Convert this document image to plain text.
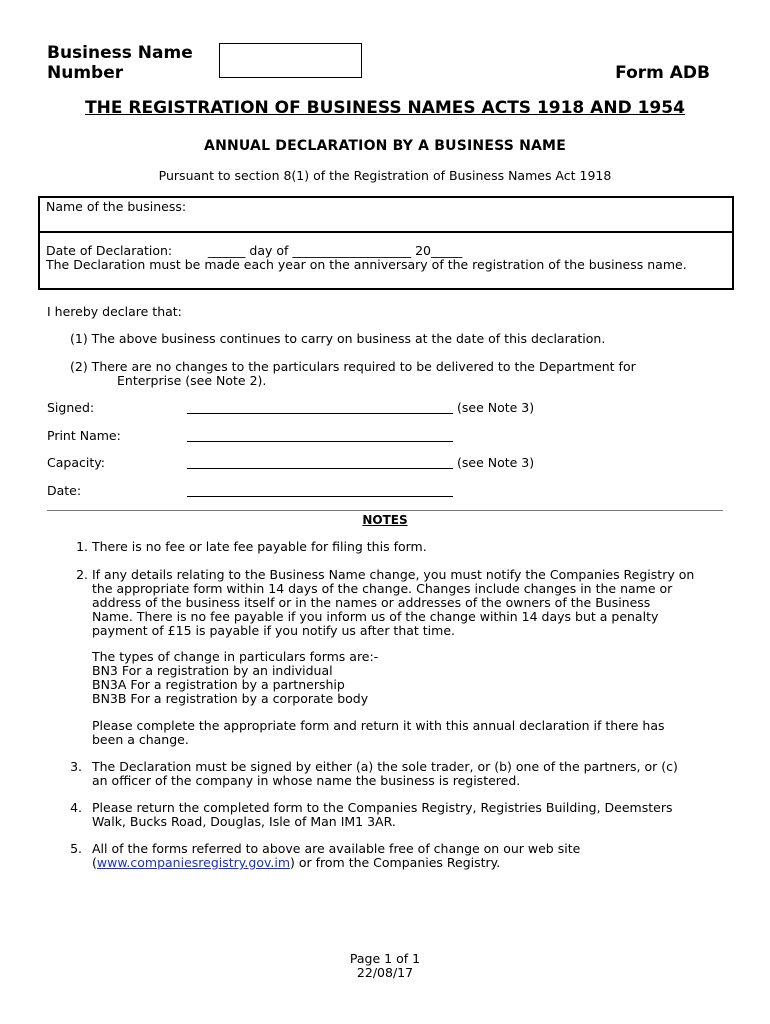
Business Name Number	Form ADB
THE REGISTRATION OF BUSINESS NAMES ACTS 1918 AND 1954
ANNUAL DECLARATION BY A BUSINESS NAME
Pursuant to section 8(1) of the Registration of Business Names Act 1918
Name of the business:
Date of Declaration:         ______ day of ___________________ 20_____
The Declaration must be made each year on the anniversary of the registration of the business name.
I hereby declare that:
(1) The above business continues to carry on business at the date of this declaration.
(2) There are no changes to the particulars required to be delivered to the Department for
Enterprise (see Note 2).
Signed:	(see Note 3)
Print Name:
Capacity:	(see Note 3)
Date:
NOTES
1. There is no fee or late fee payable for filing this form.
2. If any details relating to the Business Name change, you must notify the Companies Registry on
the appropriate form within 14 days of the change. Changes include changes in the name or
address of the business itself or in the names or addresses of the owners of the Business
Name. There is no fee payable if you inform us of the change within 14 days but a penalty
payment of £15 is payable if you notify us after that time.
The types of change in particulars forms are:-
BN3 For a registration by an individual
BN3A For a registration by a partnership
BN3B For a registration by a corporate body
Please complete the appropriate form and return it with this annual declaration if there has
been a change.
3. The Declaration must be signed by either (a) the sole trader, or (b) one of the partners, or (c)
an officer of the company in whose name the business is registered.
4. Please return the completed form to the Companies Registry, Registries Building, Deemsters
Walk, Bucks Road, Douglas, Isle of Man IM1 3AR.
5. All of the forms referred to above are available free of change on our web site
(www.companiesregistry.gov.im) or from the Companies Registry.
Page 1 of 1
22/08/17
